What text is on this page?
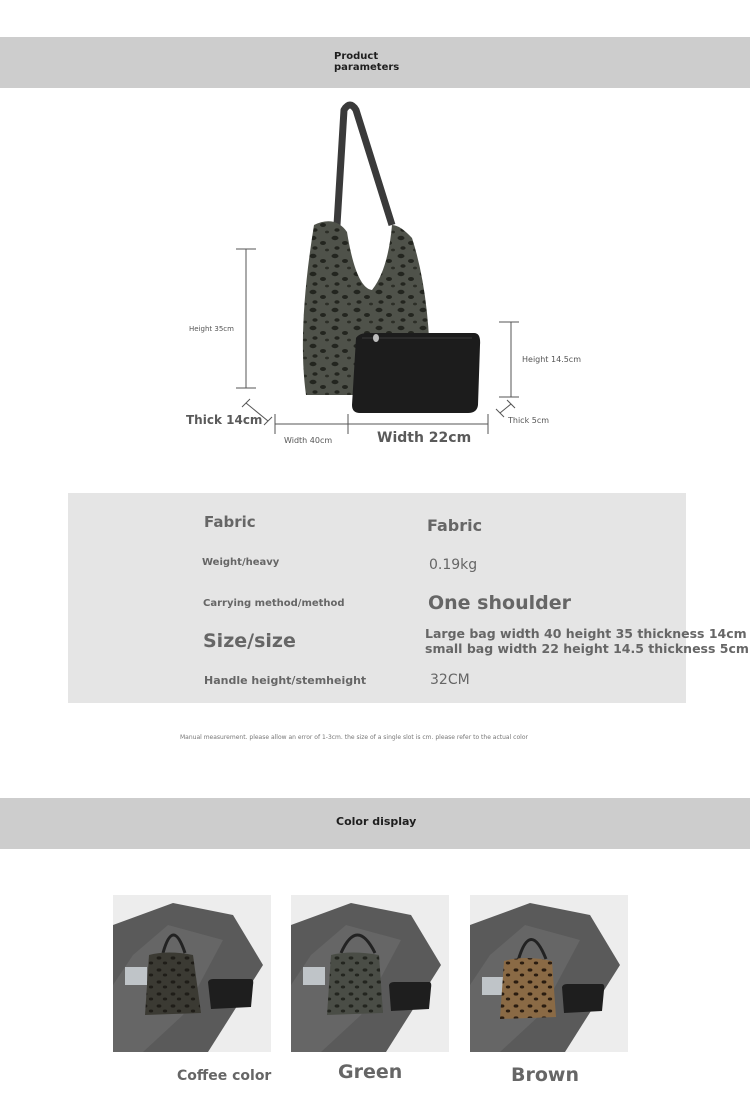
Product
parameters
Height 35cm
Height 14.5cm
Thick 14cm	Thick 5cm
Width 40cm	Width 22cm
Fabric	Fabric
Weight/heavy	0.19kg
Carrying method/method	One shoulder
Size/size	Large bag width 40 height 35 thickness 14cm
small bag width 22 height 14.5 thickness 5cm
Handle height/stemheight	32CM
Manual measurement. please allow an error of 1-3cm. the size of a single slot is cm. please refer to the actual color
Color display
Coffee color	Green	Brown
